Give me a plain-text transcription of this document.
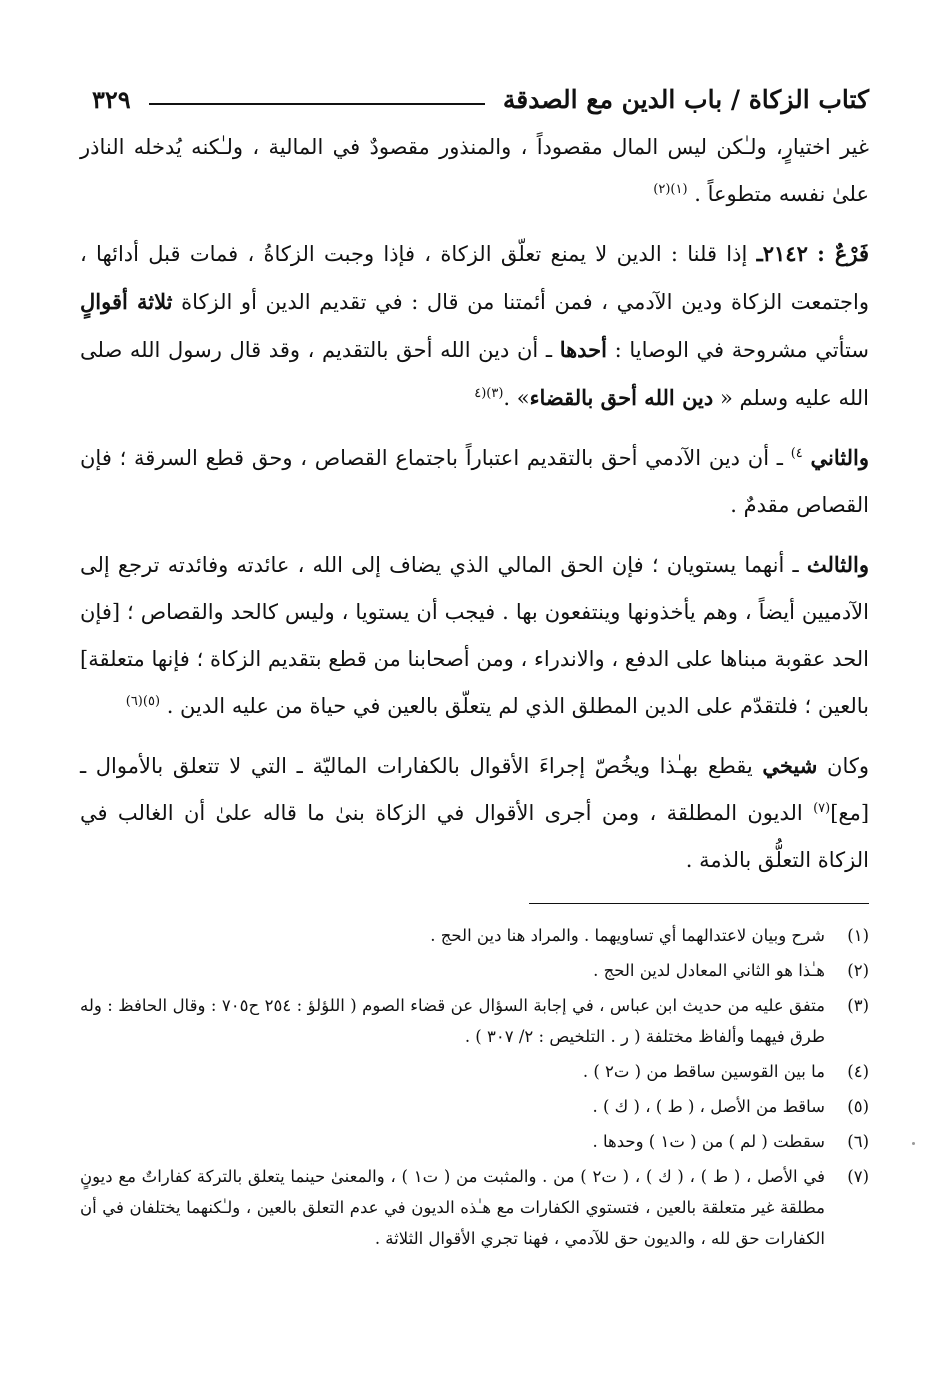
كتاب الزكاة / باب الدين مع الصدقة
٣٢٩

غير اختيارٍ، ولـٰكن ليس المال مقصوداً ، والمنذور مقصودٌ في المالية ، ولـٰكنه يُدخله الناذر علىٰ نفسه متطوعاً . $^{(١)(٢)}$

فَرْعٌ : ٢١٤٢ـ إذا قلنا : الدين لا يمنع تعلّق الزكاة ، فإذا وجبت الزكاةُ ، فمات قبل أدائها ، واجتمعت الزكاة ودين الآدمي ، فمن أئمتنا من قال : في تقديم الدين أو الزكاة ثلاثة أقوالٍ ستأتي مشروحة في الوصايا : أحدها ـ أن دين الله أحق بالتقديم ، وقد قال رسول الله صلى الله عليه وسلم « دين الله أحق بالقضاء» .$^{(٣)(٤}$

والثاني $^{٤)}$ ـ أن دين الآدمي أحق بالتقديم اعتباراً باجتماع القصاص ، وحق قطع السرقة ؛ فإن القصاص مقدمٌ .

والثالث ـ أنهما يستويان ؛ فإن الحق المالي الذي يضاف إلى الله ، عائدته وفائدته ترجع إلى الآدميين أيضاً ، وهم يأخذونها وينتفعون بها . فيجب أن يستويا ، وليس كالحد والقصاص ؛ [فإن الحد عقوبة مبناها على الدفع ، والاندراء ، ومن أصحابنا من قطع بتقديم الزكاة ؛ فإنها متعلقة] بالعين ؛ فلتقدّم على الدين المطلق الذي لم يتعلّق بالعين في حياة من عليه الدين . $^{(٥)(٦)}$

وكان شيخي يقطع بهـٰذا ويخُصّ إجراءَ الأقوال بالكفارات الماليّة ـ التي لا تتعلق بالأموال ـ [مع]$^{(٧)}$ الديون المطلقة ، ومن أجرى الأقوال في الزكاة بنىٰ ما قاله علىٰ أن الغالب في الزكاة التعلُّق بالذمة .

(١)
شرح وبيان لاعتدالهما أي تساويهما . والمراد هنا دين الحج .
(٢)
هـٰذا هو الثاني المعادل لدين الحج .
(٣)
متفق عليه من حديث ابن عباس ، في إجابة السؤال عن قضاء الصوم ( اللؤلؤ : ٢٥٤ ح٧٠٥ : وقال الحافظ : وله طرق فيهما وألفاظ مختلفة ( ر . التلخيص : ٢/ ٣٠٧ ) .
(٤)
ما بين القوسين ساقط من ( ت٢ ) .
(٥)
ساقط من الأصل ، ( ط ) ، ( ك ) .
(٦)
سقطت ( لم ) من ( ت١ ) وحدها .
(٧)
في الأصل ، ( ط ) ، ( ك ) ، ( ت٢ ) من . والمثبت من ( ت١ ) ، والمعنىٰ حينما يتعلق بالتركة كفاراتٌ مع ديونٍ مطلقة غير متعلقة بالعين ، فتستوي الكفارات مع هـٰذه الديون في عدم التعلق بالعين ، ولـٰكنهما يختلفان في أن الكفارات حق لله ، والديون حق للآدمي ، فهنا تجري الأقوال الثلاثة .
